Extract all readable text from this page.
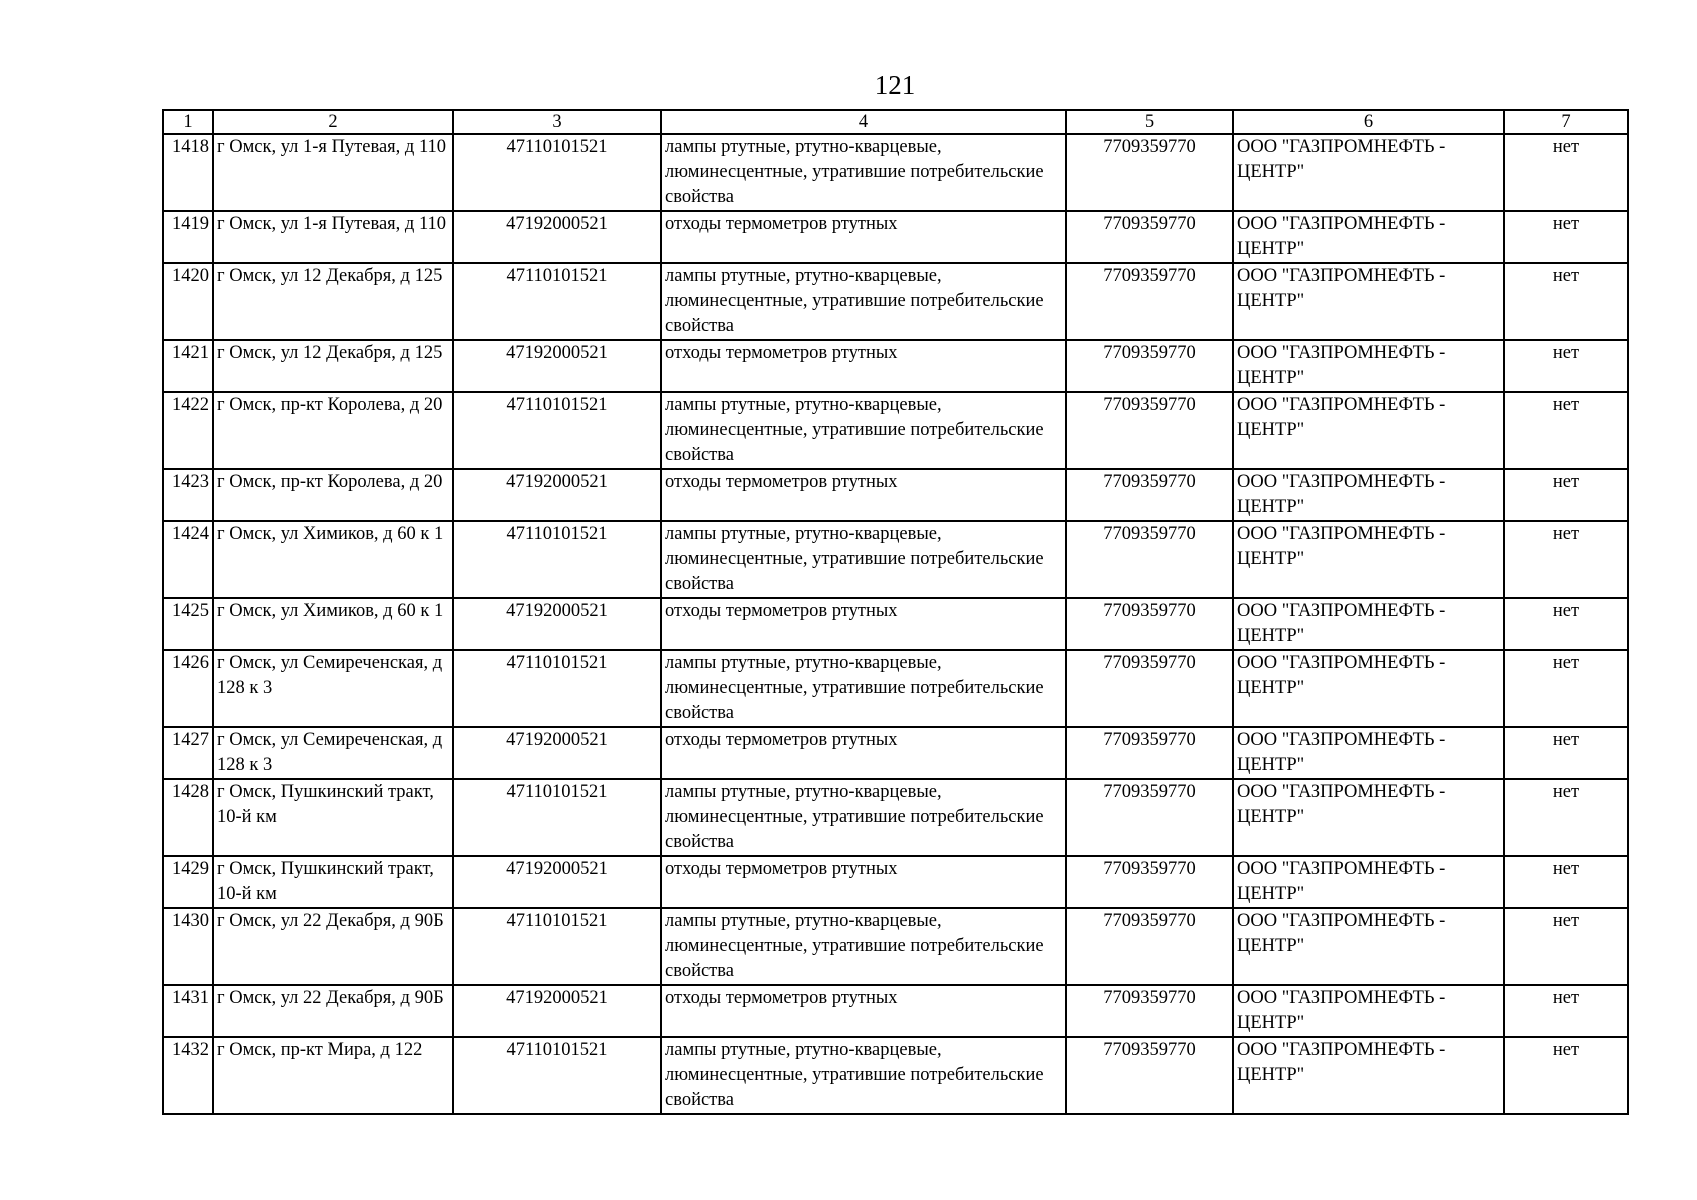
121
1	2	3	4	5	6	7
1418	г Омск, ул 1-я Путевая, д 110	47110101521	лампы ртутные, ртутно-кварцевые, люминесцентные, утратившие потребительские свойства	7709359770	ООО "ГАЗПРОМНЕФТЬ - ЦЕНТР"	нет
1419	г Омск, ул 1-я Путевая, д 110	47192000521	отходы термометров ртутных	7709359770	ООО "ГАЗПРОМНЕФТЬ - ЦЕНТР"	нет
1420	г Омск, ул 12 Декабря, д 125	47110101521	лампы ртутные, ртутно-кварцевые, люминесцентные, утратившие потребительские свойства	7709359770	ООО "ГАЗПРОМНЕФТЬ - ЦЕНТР"	нет
1421	г Омск, ул 12 Декабря, д 125	47192000521	отходы термометров ртутных	7709359770	ООО "ГАЗПРОМНЕФТЬ - ЦЕНТР"	нет
1422	г Омск, пр-кт Королева, д 20	47110101521	лампы ртутные, ртутно-кварцевые, люминесцентные, утратившие потребительские свойства	7709359770	ООО "ГАЗПРОМНЕФТЬ - ЦЕНТР"	нет
1423	г Омск, пр-кт Королева, д 20	47192000521	отходы термометров ртутных	7709359770	ООО "ГАЗПРОМНЕФТЬ - ЦЕНТР"	нет
1424	г Омск, ул Химиков, д 60 к 1	47110101521	лампы ртутные, ртутно-кварцевые, люминесцентные, утратившие потребительские свойства	7709359770	ООО "ГАЗПРОМНЕФТЬ - ЦЕНТР"	нет
1425	г Омск, ул Химиков, д 60 к 1	47192000521	отходы термометров ртутных	7709359770	ООО "ГАЗПРОМНЕФТЬ - ЦЕНТР"	нет
1426	г Омск, ул Семиреченская, д 128 к 3	47110101521	лампы ртутные, ртутно-кварцевые, люминесцентные, утратившие потребительские свойства	7709359770	ООО "ГАЗПРОМНЕФТЬ - ЦЕНТР"	нет
1427	г Омск, ул Семиреченская, д 128 к 3	47192000521	отходы термометров ртутных	7709359770	ООО "ГАЗПРОМНЕФТЬ - ЦЕНТР"	нет
1428	г Омск, Пушкинский тракт, 10-й км	47110101521	лампы ртутные, ртутно-кварцевые, люминесцентные, утратившие потребительские свойства	7709359770	ООО "ГАЗПРОМНЕФТЬ - ЦЕНТР"	нет
1429	г Омск, Пушкинский тракт, 10-й км	47192000521	отходы термометров ртутных	7709359770	ООО "ГАЗПРОМНЕФТЬ - ЦЕНТР"	нет
1430	г Омск, ул 22 Декабря, д 90Б	47110101521	лампы ртутные, ртутно-кварцевые, люминесцентные, утратившие потребительские свойства	7709359770	ООО "ГАЗПРОМНЕФТЬ - ЦЕНТР"	нет
1431	г Омск, ул 22 Декабря, д 90Б	47192000521	отходы термометров ртутных	7709359770	ООО "ГАЗПРОМНЕФТЬ - ЦЕНТР"	нет
1432	г Омск, пр-кт Мира, д 122	47110101521	лампы ртутные, ртутно-кварцевые, люминесцентные, утратившие потребительские свойства	7709359770	ООО "ГАЗПРОМНЕФТЬ - ЦЕНТР"	нет
